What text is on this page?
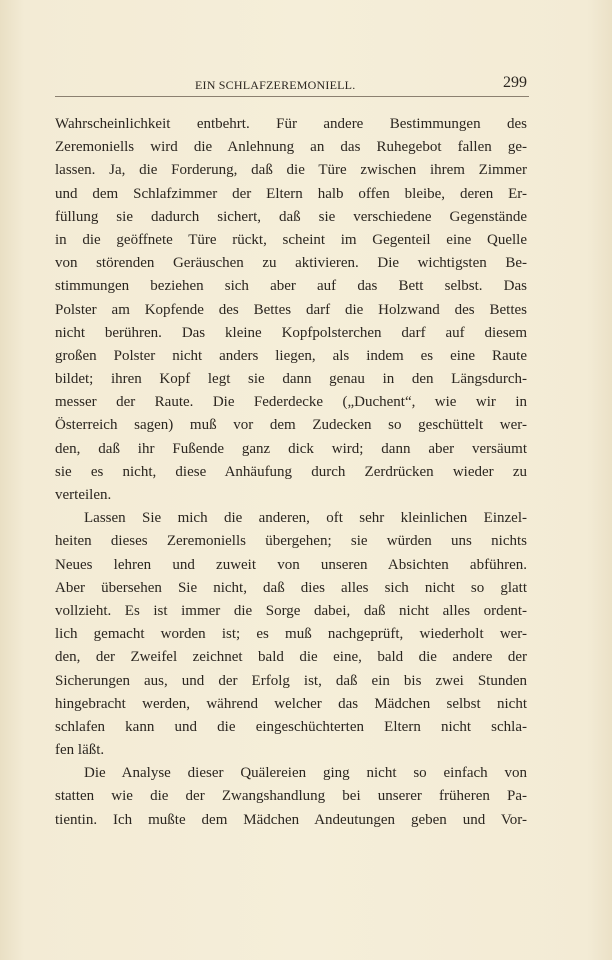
EIN SCHLAFZEREMONIELL.	299
Wahrscheinlichkeit entbehrt. Für andere Bestimmungen des
Zeremoniells wird die Anlehnung an das Ruhegebot fallen ge-
lassen. Ja, die Forderung, daß die Türe zwischen ihrem Zimmer
und dem Schlafzimmer der Eltern halb offen bleibe, deren Er-
füllung sie dadurch sichert, daß sie verschiedene Gegenstände
in die geöffnete Türe rückt, scheint im Gegenteil eine Quelle
von störenden Geräuschen zu aktivieren. Die wichtigsten Be-
stimmungen beziehen sich aber auf das Bett selbst. Das
Polster am Kopfende des Bettes darf die Holzwand des Bettes
nicht berühren. Das kleine Kopfpolsterchen darf auf diesem
großen Polster nicht anders liegen, als indem es eine Raute
bildet; ihren Kopf legt sie dann genau in den Längsdurch-
messer der Raute. Die Federdecke („Duchent“, wie wir in
Österreich sagen) muß vor dem Zudecken so geschüttelt wer-
den, daß ihr Fußende ganz dick wird; dann aber versäumt
sie es nicht, diese Anhäufung durch Zerdrücken wieder zu
verteilen.
Lassen Sie mich die anderen, oft sehr kleinlichen Einzel-
heiten dieses Zeremoniells übergehen; sie würden uns nichts
Neues lehren und zuweit von unseren Absichten abführen.
Aber übersehen Sie nicht, daß dies alles sich nicht so glatt
vollzieht. Es ist immer die Sorge dabei, daß nicht alles ordent-
lich gemacht worden ist; es muß nachgeprüft, wiederholt wer-
den, der Zweifel zeichnet bald die eine, bald die andere der
Sicherungen aus, und der Erfolg ist, daß ein bis zwei Stunden
hingebracht werden, während welcher das Mädchen selbst nicht
schlafen kann und die eingeschüchterten Eltern nicht schla-
fen läßt.
Die Analyse dieser Quälereien ging nicht so einfach von
statten wie die der Zwangshandlung bei unserer früheren Pa-
tientin. Ich mußte dem Mädchen Andeutungen geben und Vor-
